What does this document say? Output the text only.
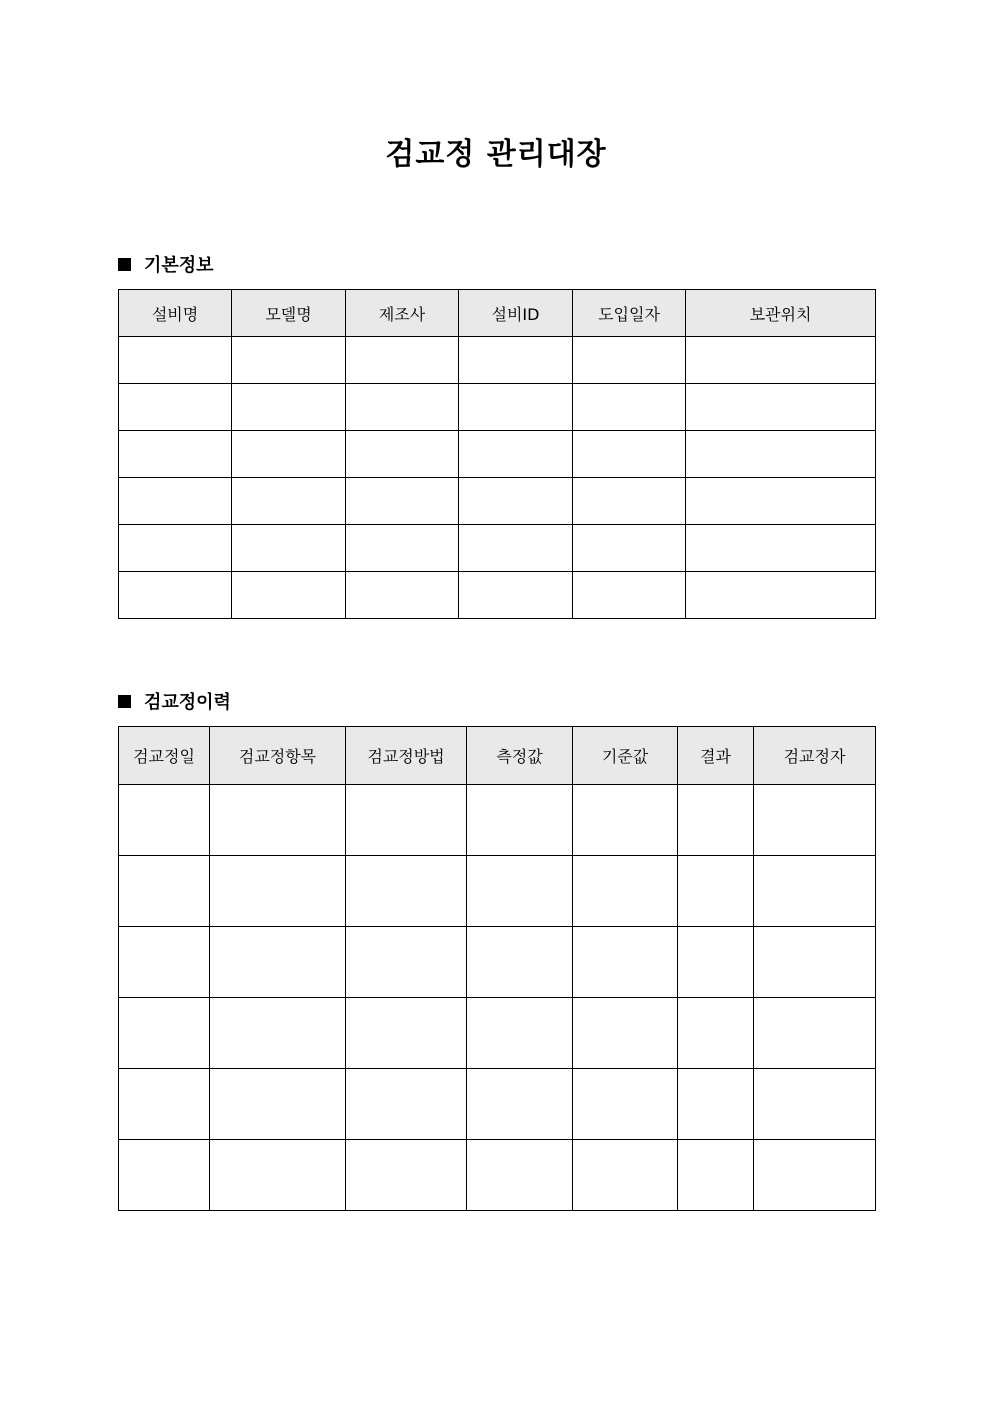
검교정 관리대장
기본정보
설비명	모델명	제조사	설비ID	도입일자	보관위치

검교정이력
검교정일	검교정항목	검교정방법	측정값	기준값	결과	검교정자
